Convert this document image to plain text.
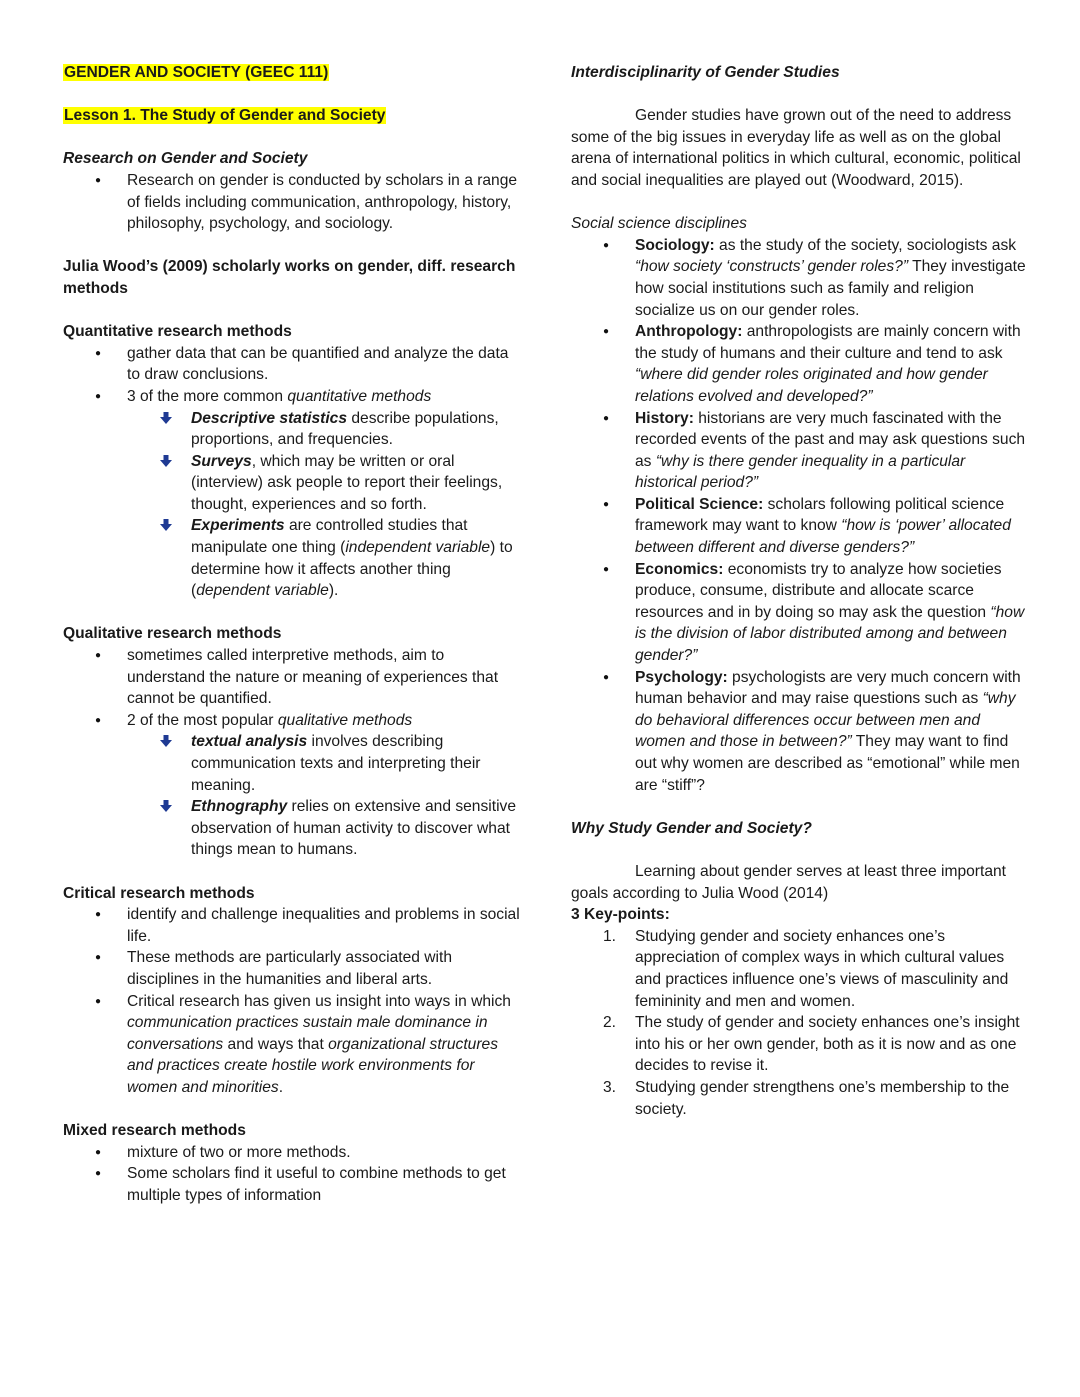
GENDER AND SOCIETY (GEEC 111)

Lesson 1. The Study of Gender and Society

Research on Gender and Society

● Research on gender is conducted by scholars in a range of fields including communication, anthropology, history, philosophy, psychology, and sociology.

Julia Wood’s (2009) scholarly works on gender, diff. research methods

Quantitative research methods

● gather data that can be quantified and analyze the data to draw conclusions.
● 3 of the more common quantitative methods
Descriptive statistics describe populations, proportions, and frequencies.
Surveys, which may be written or oral (interview) ask people to report their feelings, thought, experiences and so forth.
Experiments are controlled studies that manipulate one thing (independent variable) to determine how it affects another thing (dependent variable).

Qualitative research methods

● sometimes called interpretive methods, aim to understand the nature or meaning of experiences that cannot be quantified.
● 2 of the most popular qualitative methods
textual analysis involves describing communication texts and interpreting their meaning.
Ethnography relies on extensive and sensitive observation of human activity to discover what things mean to humans.

Critical research methods

● identify and challenge inequalities and problems in social life.
● These methods are particularly associated with disciplines in the humanities and liberal arts.
● Critical research has given us insight into ways in which communication practices sustain male dominance in conversations and ways that organizational structures and practices create hostile work environments for women and minorities.

Mixed research methods

● mixture of two or more methods.
● Some scholars find it useful to combine methods to get multiple types of information

Interdisciplinarity of Gender Studies

Gender studies have grown out of the need to address some of the big issues in everyday life as well as on the global arena of international politics in which cultural, economic, political and social inequalities are played out (Woodward, 2015).

Social science disciplines

● Sociology: as the study of the society, sociologists ask “how society ‘constructs’ gender roles?” They investigate how social institutions such as family and religion socialize us on our gender roles.
● Anthropology: anthropologists are mainly concern with the study of humans and their culture and tend to ask “where did gender roles originated and how gender relations evolved and developed?”
● History: historians are very much fascinated with the recorded events of the past and may ask questions such as “why is there gender inequality in a particular historical period?”
● Political Science: scholars following political science framework may want to know “how is ‘power’ allocated between different and diverse genders?”
● Economics: economists try to analyze how societies produce, consume, distribute and allocate scarce resources and in by doing so may ask the question “how is the division of labor distributed among and between gender?”
● Psychology: psychologists are very much concern with human behavior and may raise questions such as “why do behavioral differences occur between men and women and those in between?” They may want to find out why women are described as “emotional” while men are “stiff”?

Why Study Gender and Society?

Learning about gender serves at least three important goals according to Julia Wood (2014)

3 Key-points:

1. Studying gender and society enhances one’s appreciation of complex ways in which cultural values and practices influence one’s views of masculinity and femininity and men and women.
2. The study of gender and society enhances one’s insight into his or her own gender, both as it is now and as one decides to revise it.
3. Studying gender strengthens one’s membership to the society.
